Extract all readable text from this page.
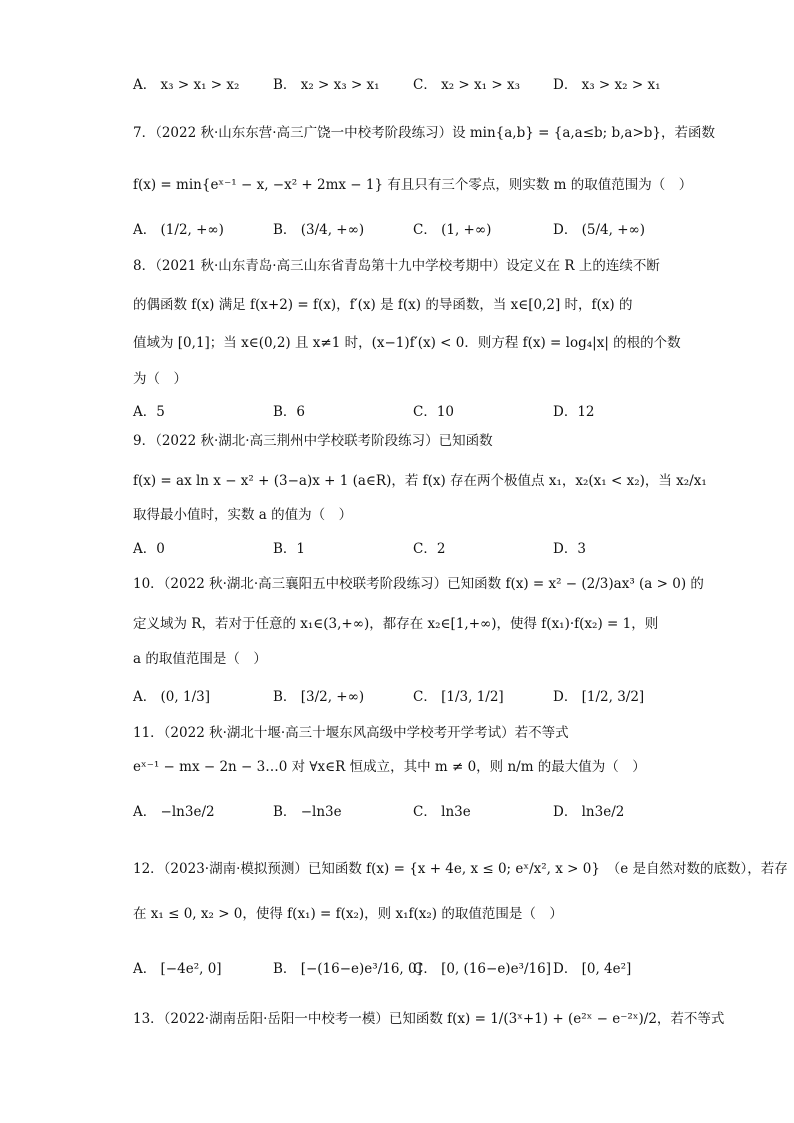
A． x₃ > x₁ > x₂	B． x₂ > x₃ > x₁	C． x₂ > x₁ > x₃	D． x₃ > x₂ > x₁
7．（2022 秋·山东东营·高三广饶一中校考阶段练习）设 min{a,b} = {a,a≤b; b,a>b}，若函数
f(x) = min{eˣ⁻¹ − x, −x² + 2mx − 1} 有且只有三个零点，则实数 m 的取值范围为（　）
A． (1/2, +∞)	B． (3/4, +∞)	C． (1, +∞)	D． (5/4, +∞)
8．（2021 秋·山东青岛·高三山东省青岛第十九中学校考期中）设定义在 R 上的连续不断
的偶函数 f(x) 满足 f(x+2) = f(x)，f′(x) 是 f(x) 的导函数，当 x∈[0,2] 时，f(x) 的
值域为 [0,1]；当 x∈(0,2) 且 x≠1 时，(x−1)f′(x) < 0．则方程 f(x) = log₄|x| 的根的个数
为（　）
A．5	B．6	C．10	D．12
9．（2022 秋·湖北·高三荆州中学校联考阶段练习）已知函数
f(x) = ax ln x − x² + (3−a)x + 1 (a∈R)，若 f(x) 存在两个极值点 x₁，x₂(x₁ < x₂)，当 x₂/x₁
取得最小值时，实数 a 的值为（　）
A．0	B．1	C．2	D．3
10．（2022 秋·湖北·高三襄阳五中校联考阶段练习）已知函数 f(x) = x² − (2/3)ax³ (a > 0) 的
定义域为 R，若对于任意的 x₁∈(3,+∞)，都存在 x₂∈[1,+∞)，使得 f(x₁)·f(x₂) = 1，则
a 的取值范围是（　）
A． (0, 1/3]	B． [3/2, +∞)	C． [1/3, 1/2]	D． [1/2, 3/2]
11．（2022 秋·湖北十堰·高三十堰东风高级中学校考开学考试）若不等式
eˣ⁻¹ − mx − 2n − 3…0 对 ∀x∈R 恒成立，其中 m ≠ 0，则 n/m 的最大值为（　）
A． −ln3e/2	B． −ln3e	C． ln3e	D． ln3e/2
12．（2023·湖南·模拟预测）已知函数 f(x) = {x + 4e, x ≤ 0; eˣ/x², x > 0}　（e 是自然对数的底数），若存
在 x₁ ≤ 0, x₂ > 0，使得 f(x₁) = f(x₂)，则 x₁f(x₂) 的取值范围是（　）
A． [−4e², 0]	B． [−(16−e)e³/16, 0]
C． [0, (16−e)e³/16] D． [0, 4e²]
13．（2022·湖南岳阳·岳阳一中校考一模）已知函数 f(x) = 1/(3ˣ+1) + (e²ˣ − e⁻²ˣ)/2，若不等式
